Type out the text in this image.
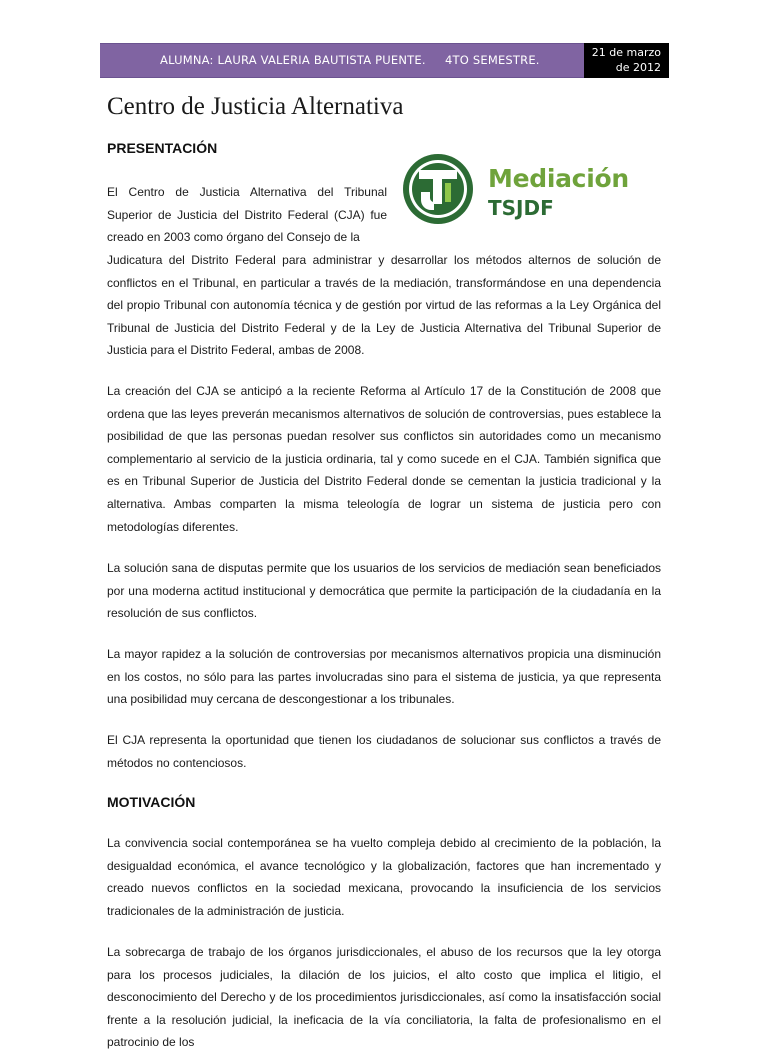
ALUMNA: LAURA VALERIA BAUTISTA PUENTE.     4TO SEMESTRE.
21 de marzo
de 2012
Centro de Justicia Alternativa
PRESENTACIÓN
Mediación
TSJDF

El Centro de Justicia Alternativa del Tribunal Superior de Justicia del Distrito Federal (CJA) fue creado en 2003 como órgano del Consejo de la

Judicatura del Distrito Federal para administrar y desarrollar los métodos alternos de solución de conflictos en el Tribunal, en particular a través de la mediación, transformándose en una dependencia del propio Tribunal con autonomía técnica y de gestión por virtud de las reformas a la Ley Orgánica del Tribunal de Justicia del Distrito Federal y de la Ley de Justicia Alternativa del Tribunal Superior de Justicia para el Distrito Federal, ambas de 2008.

La creación del CJA se anticipó a la reciente Reforma al Artículo 17 de la Constitución de 2008 que ordena que las leyes preverán mecanismos alternativos de solución de controversias, pues establece la posibilidad de que las personas puedan resolver sus conflictos sin autoridades como un mecanismo complementario al servicio de la justicia ordinaria, tal y como sucede en el CJA. También significa que es en Tribunal Superior de Justicia del Distrito Federal donde se cementan la justicia tradicional y la alternativa. Ambas comparten la misma teleología de lograr un sistema de justicia pero con metodologías diferentes.

La solución sana de disputas permite que los usuarios de los servicios de mediación sean beneficiados por una moderna actitud institucional y democrática que permite la participación de la ciudadanía en la resolución de sus conflictos.

La mayor rapidez a la solución de controversias por mecanismos alternativos propicia una disminución en los costos, no sólo para las partes involucradas sino para el sistema de justicia, ya que representa una posibilidad muy cercana de descongestionar a los tribunales.

El CJA representa la oportunidad que tienen los ciudadanos de solucionar sus conflictos a través de métodos no contenciosos.

MOTIVACIÓN

La convivencia social contemporánea se ha vuelto compleja debido al crecimiento de la población, la desigualdad económica, el avance tecnológico y la globalización, factores que han incrementado y creado nuevos conflictos en la sociedad mexicana, provocando la insuficiencia de los servicios tradicionales de la administración de justicia.

La sobrecarga de trabajo de los órganos jurisdiccionales, el abuso de los recursos que la ley otorga para los procesos judiciales, la dilación de los juicios, el alto costo que implica el litigio, el desconocimiento del Derecho y de los procedimientos jurisdiccionales, así como la insatisfacción social frente a la resolución judicial, la ineficacia de la vía conciliatoria, la falta de profesionalismo en el patrocinio de los
